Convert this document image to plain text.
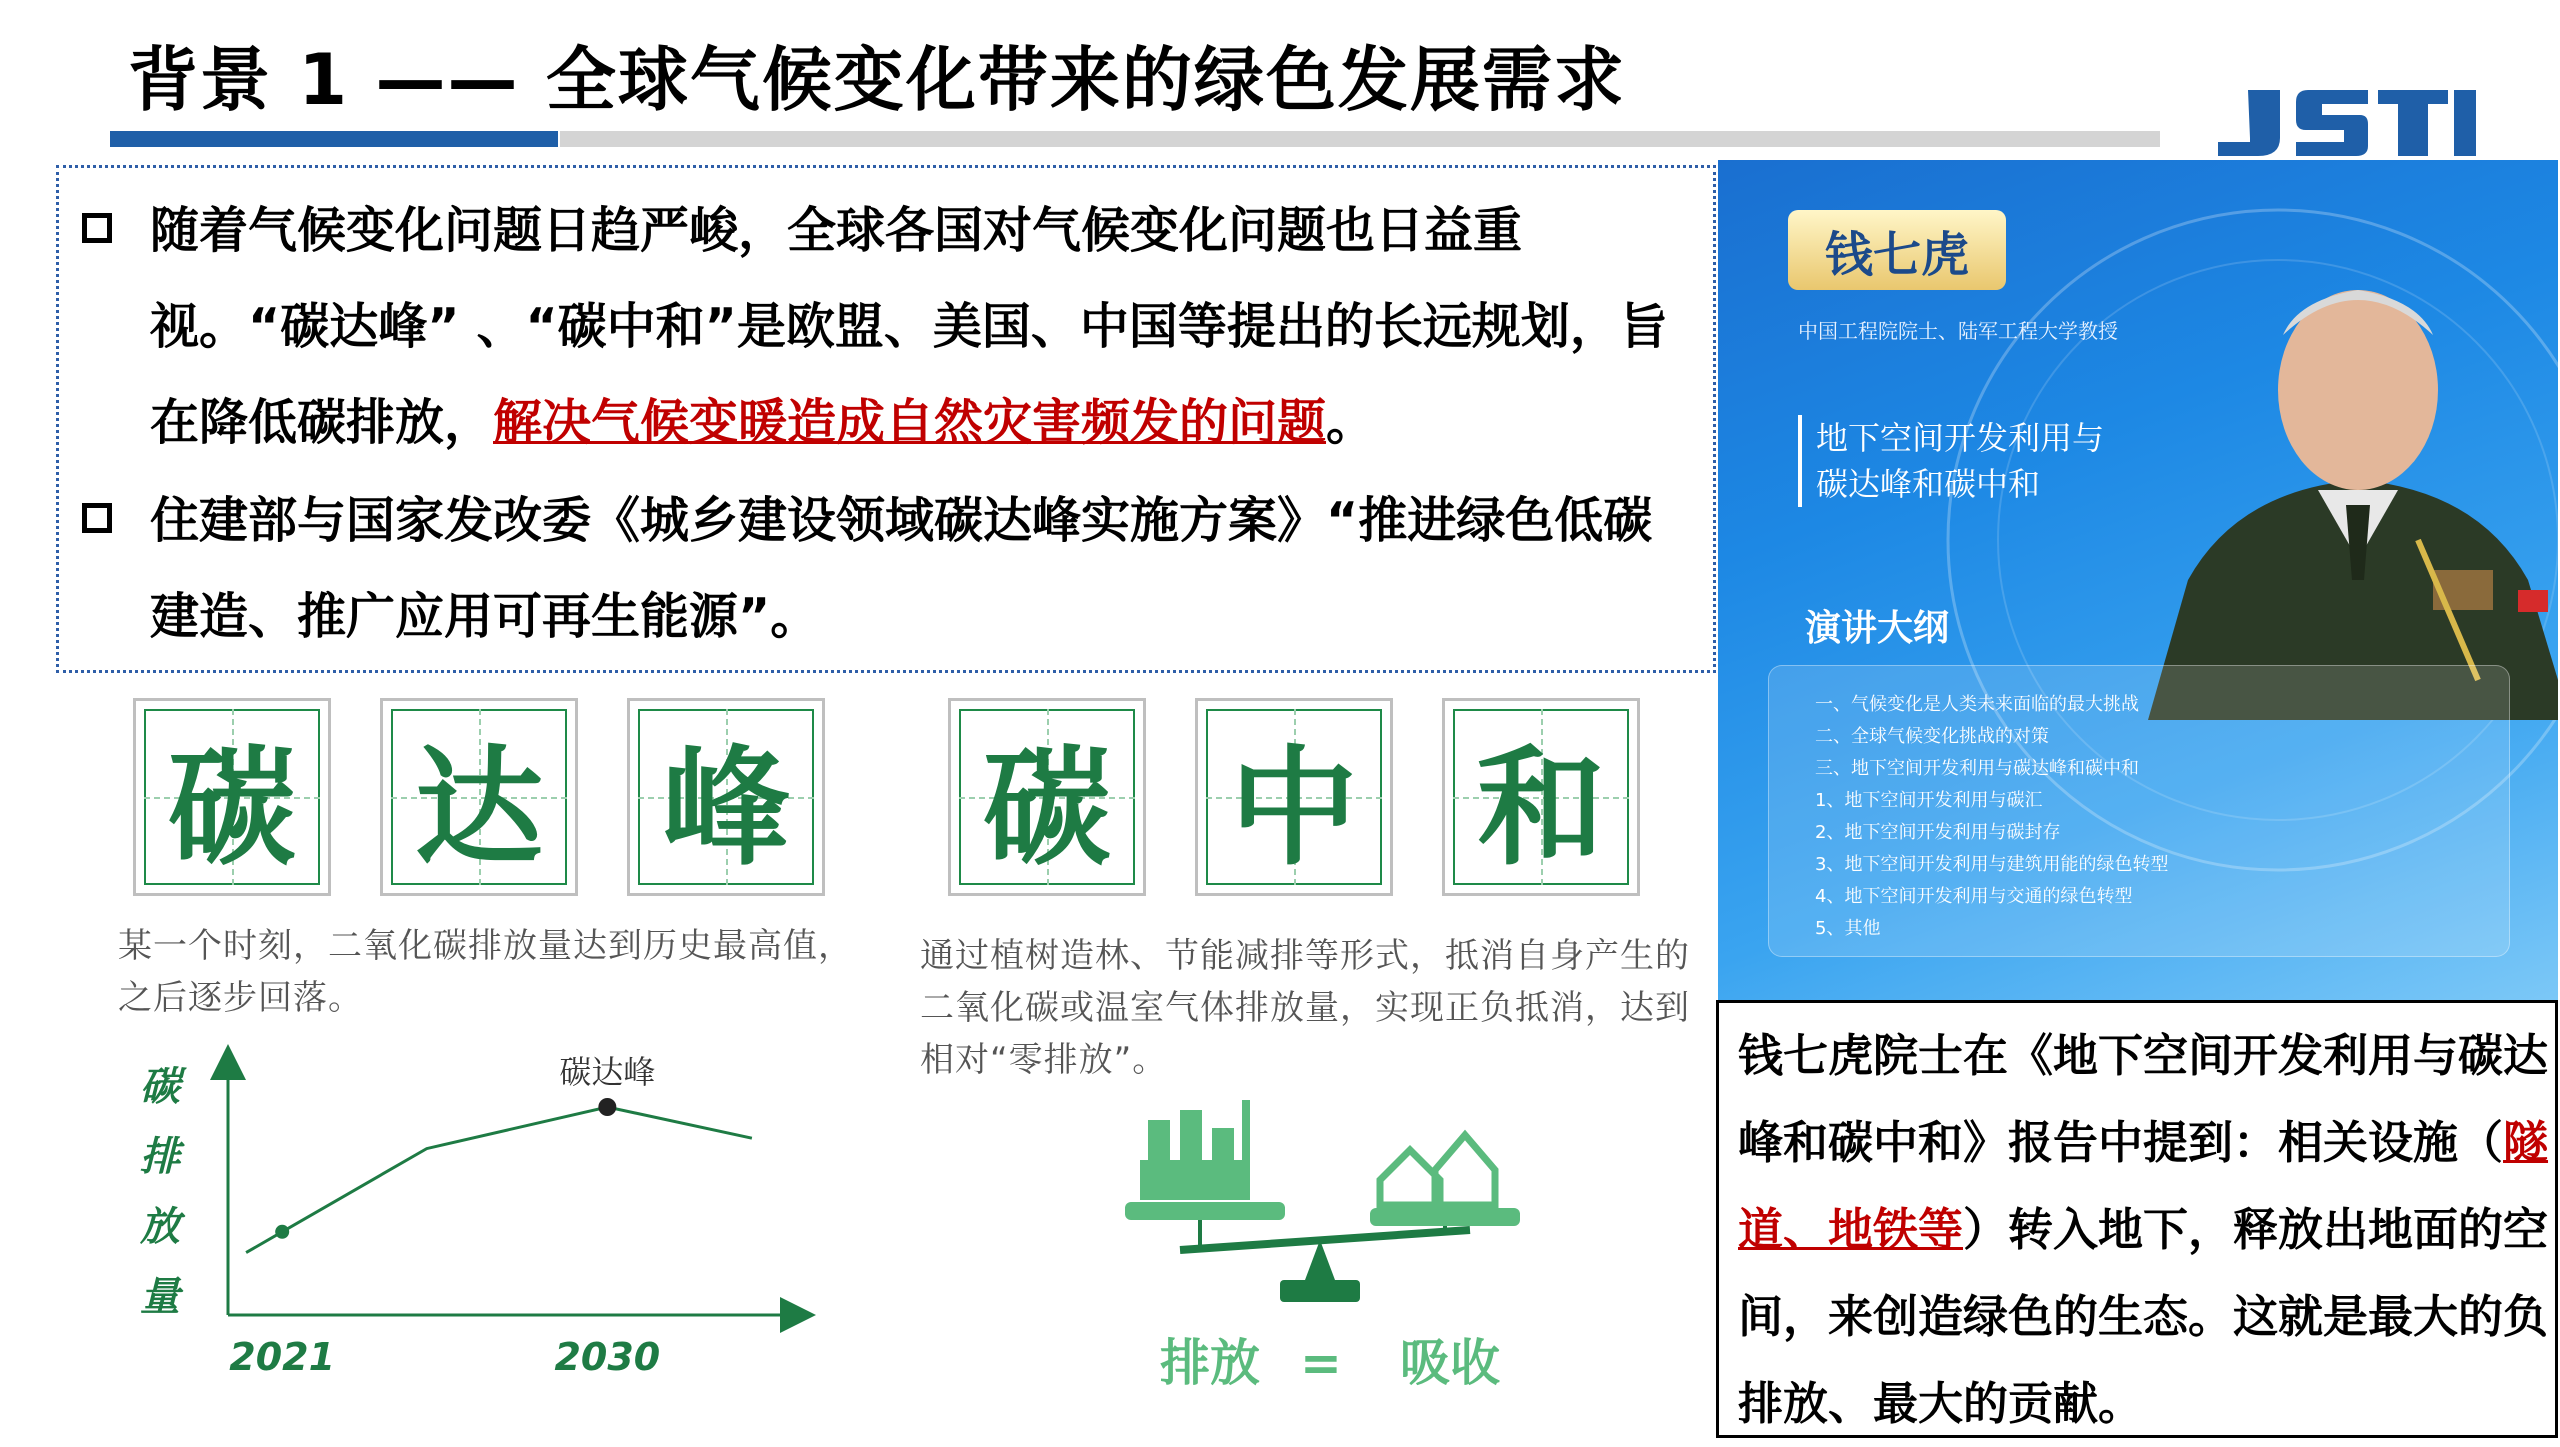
背景 1 —— 全球气候变化带来的绿色发展需求
随着气候变化问题日趋严峻，全球各国对气候变化问题也日益重视。“碳达峰” 、“碳中和”是欧盟、美国、中国等提出的长远规划，旨在降低碳排放，解决气候变暖造成自然灾害频发的问题。
住建部与国家发改委《城乡建设领域碳达峰实施方案》“推进绿色低碳建造、推广应用可再生能源”。
碳 达 峰 碳 中 和
某一个时刻，二氧化碳排放量达到历史最高值，之后逐步回落。
通过植树造林、节能减排等形式，抵消自身产生的二氧化碳或温室气体排放量，实现正负抵消，达到相对“零排放”。
碳
排
放
量
碳达峰
2021	2030	排放 = 吸收
钱七虎
中国工程院院士、陆军工程大学教授
地下空间开发利用与
碳达峰和碳中和
演讲大纲
一、气候变化是人类未来面临的最大挑战
二、全球气候变化挑战的对策
三、地下空间开发利用与碳达峰和碳中和
1、地下空间开发利用与碳汇
2、地下空间开发利用与碳封存
3、地下空间开发利用与建筑用能的绿色转型
4、地下空间开发利用与交通的绿色转型
5、其他
钱七虎院士在《地下空间开发利用与碳达峰和碳中和》报告中提到：相关设施（隧道、地铁等）转入地下，释放出地面的空间，来创造绿色的生态。这就是最大的负排放、最大的贡献。
